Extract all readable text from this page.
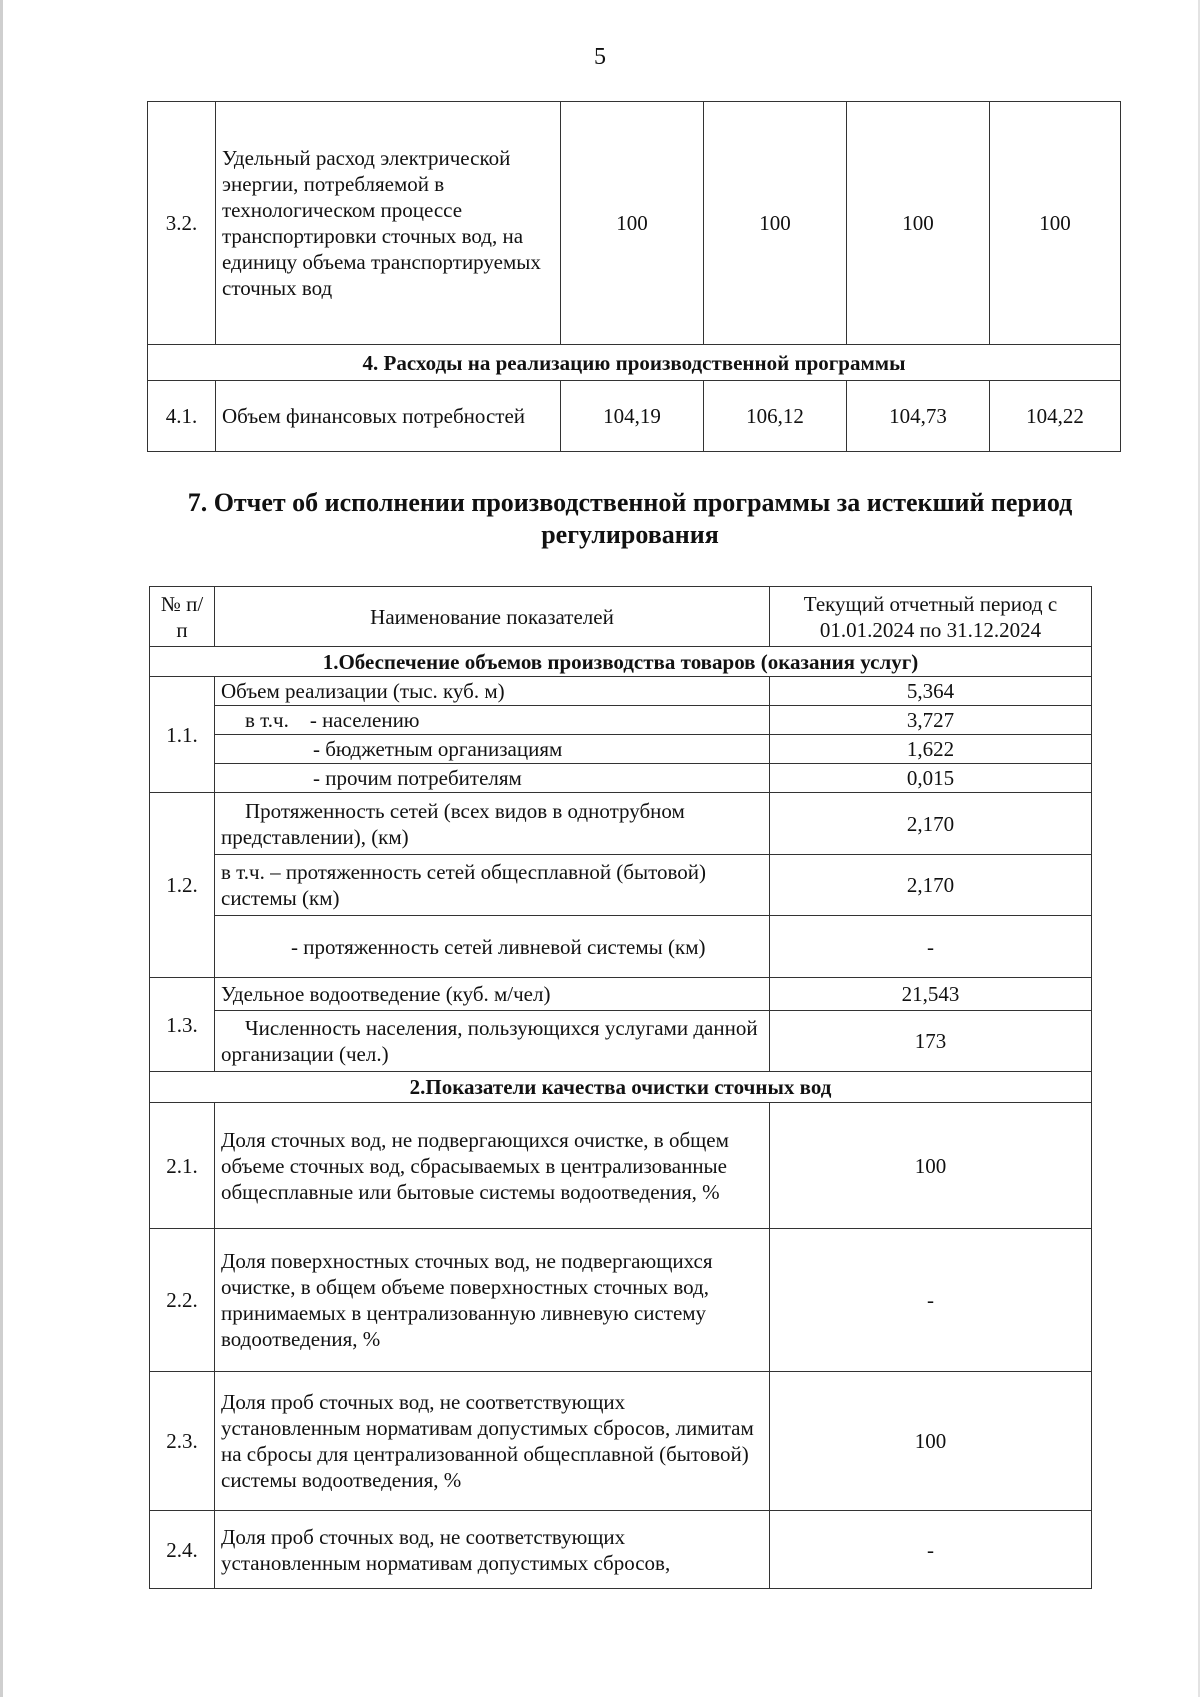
5
3.2.	Удельный расход электрической энергии, потребляемой в технологическом процессе транспортировки сточных вод, на единицу объема транспортируемых сточных вод	100	100	100	100
4. Расходы на реализацию производственной программы					
4.1.	Объем финансовых потребностей	104,19	106,12	104,73	104,22
7. Отчет об исполнении производственной программы за истекший период регулирования
№ п/п	Наименование показателей	Текущий отчетный период с 01.01.2024 по 31.12.2024
1.Обеспечение объемов производства товаров (оказания услуг)		
1.1.	Объем реализации (тыс. куб. м)	5,364
	в т.ч.    - населению	3,727
	- бюджетным организациям	1,622
	- прочим потребителям	0,015
1.2.	Протяженность сетей (всех видов в однотрубном представлении), (км)	2,170
	в т.ч. – протяженность сетей общесплавной (бытовой) системы (км)	2,170
	- протяженность сетей ливневой системы (км)	-
1.3.	Удельное водоотведение (куб. м/чел)	21,543
	Численность населения, пользующихся услугами данной организации (чел.)	173
2.Показатели качества очистки сточных вод		
2.1.	Доля сточных вод, не подвергающихся очистке, в общем объеме сточных вод, сбрасываемых в централизованные общесплавные или бытовые системы водоотведения, %	100
2.2.	Доля поверхностных сточных вод, не подвергающихся очистке, в общем объеме поверхностных сточных вод, принимаемых в централизованную ливневую систему водоотведения, %	-
2.3.	Доля проб сточных вод, не соответствующих установленным нормативам допустимых сбросов, лимитам на сбросы для централизованной общесплавной (бытовой) системы водоотведения, %	100
2.4.	Доля проб сточных вод, не соответствующих установленным нормативам допустимых сбросов,	-
